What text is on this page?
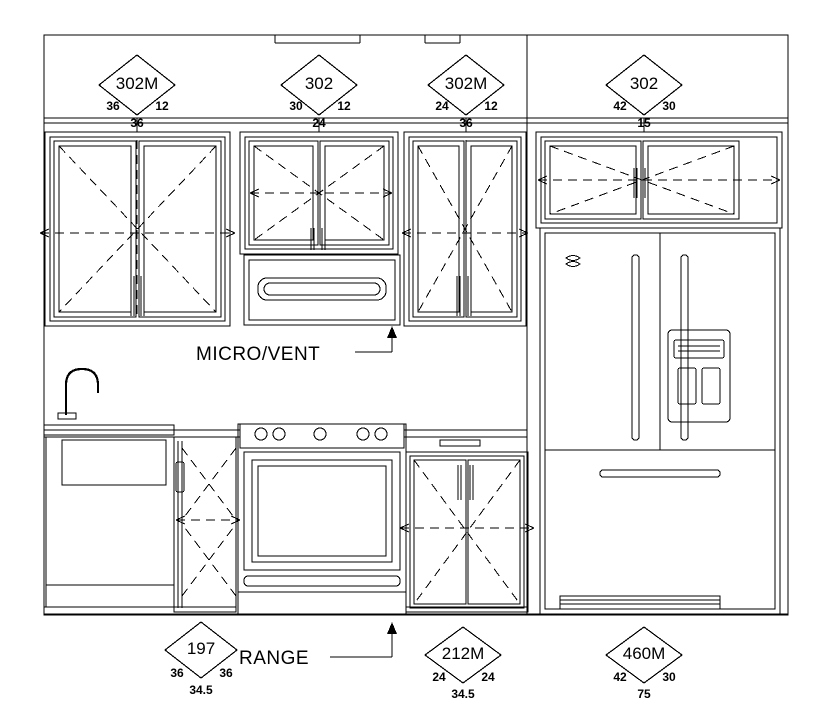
302M
36	12
302
30	12
302M
24	12
302
42	30
36	24	36	15
MICRO/VENT
RANGE
197
36	36
34.5
212M
24	24
34.5
460M
42	30
75
